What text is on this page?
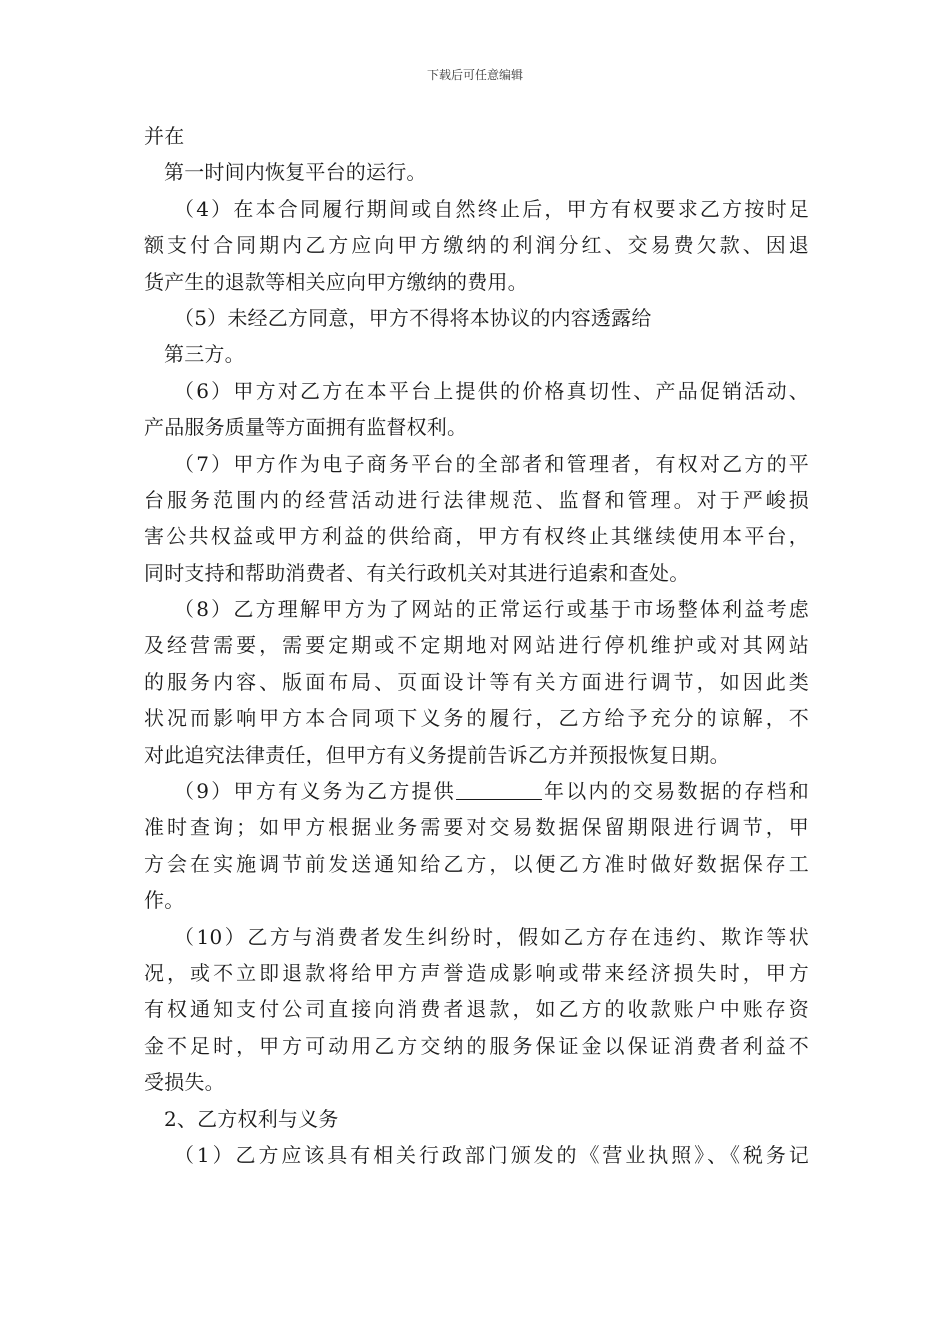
下载后可任意编辑
并在
第一时间内恢复平台的运行。
（4）在本合同履行期间或自然终止后，甲方有权要求乙方按时足
额支付合同期内乙方应向甲方缴纳的利润分红、交易费欠款、因退
货产生的退款等相关应向甲方缴纳的费用。
（5）未经乙方同意，甲方不得将本协议的内容透露给
第三方。
（6）甲方对乙方在本平台上提供的价格真切性、产品促销活动、
产品服务质量等方面拥有监督权利。
（7）甲方作为电子商务平台的全部者和管理者，有权对乙方的平
台服务范围内的经营活动进行法律规范、监督和管理。对于严峻损
害公共权益或甲方利益的供给商，甲方有权终止其继续使用本平台，
同时支持和帮助消费者、有关行政机关对其进行追索和查处。
（8）乙方理解甲方为了网站的正常运行或基于市场整体利益考虑
及经营需要，需要定期或不定期地对网站进行停机维护或对其网站
的服务内容、版面布局、页面设计等有关方面进行调节，如因此类
状况而影响甲方本合同项下义务的履行，乙方给予充分的谅解，不
对此追究法律责任，但甲方有义务提前告诉乙方并预报恢复日期。
（9）甲方有义务为乙方提供	年以内的交易数据的存档和
准时查询；如甲方根据业务需要对交易数据保留期限进行调节，甲
方会在实施调节前发送通知给乙方，以便乙方准时做好数据保存工
作。
（10）乙方与消费者发生纠纷时，假如乙方存在违约、欺诈等状
况，或不立即退款将给甲方声誉造成影响或带来经济损失时，甲方
有权通知支付公司直接向消费者退款，如乙方的收款账户中账存资
金不足时，甲方可动用乙方交纳的服务保证金以保证消费者利益不
受损失。
2、乙方权利与义务
（1）乙方应该具有相关行政部门颁发的《营业执照》、《税务记
